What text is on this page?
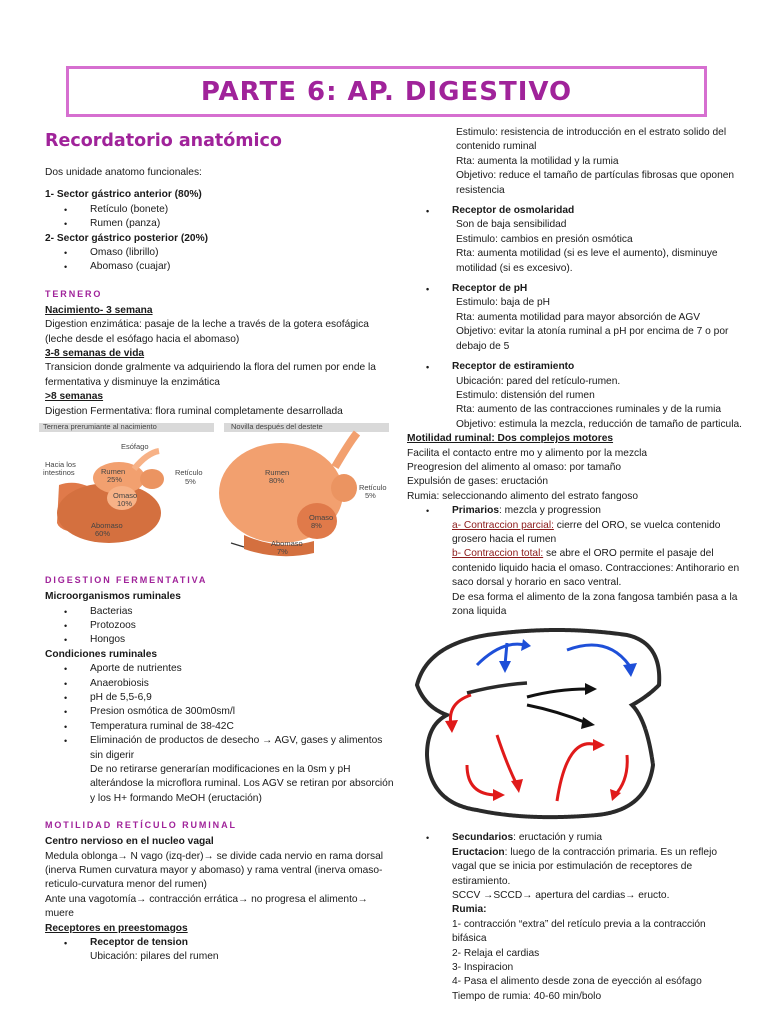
PARTE 6: AP. DIGESTIVO
Recordatorio anatómico

Dos unidade anatomo funcionales:

1- Sector gástrico anterior (80%)

• Retículo (bonete)
• Rumen (panza)

2- Sector gástrico posterior (20%)

• Omaso (librillo)
• Abomaso (cuajar)
TERNERO

Nacimiento- 3 semana

Digestion enzimática: pasaje de la leche a través de la gotera esofágica (leche desde el esófago hacia el abomaso)

3-8 semanas de vida

Transicion donde gralmente va adquiriendo la flora del rumen por ende la fermentativa y disminuye la enzimática

>8 semanas

Digestion Fermentativa: flora ruminal completamente desarrollada

Ternera prerumiante al nacimiento	Novilla después del destete
Esófago
Hacia los
intestinos	Rumen
25%
Omaso
10%
Retículo
5%
Abomaso
60%
Rumen
80%
Retículo
5%
Omaso
8%
Abomaso
7%
DIGESTION FERMENTATIVA

Microorganismos ruminales

• Bacterias
• Protozoos
• Hongos

Condiciones ruminales

• Aporte de nutrientes
• Anaerobiosis
• pH de 5,5-6,9
• Presion osmótica de 300m0sm/l
• Temperatura ruminal de 38-42C
• Eliminación de productos de desecho → AGV, gases y alimentos sin digerir

De no retirarse generarían modificaciones en la 0sm y pH alterándose la microflora ruminal. Los AGV se retiran por absorción y los H+ formando MeOH (eructación)

MOTILIDAD RETÍCULO RUMINAL

Centro nervioso en el nucleo vagal

Medula oblonga→ N vago (izq-der)→ se divide cada nervio en rama dorsal (inerva Rumen curvatura mayor y abomaso) y rama ventral (inerva omaso-reticulo-curvatura menor del rumen)

Ante una vagotomía→ contracción errática→ no progresa el alimento→ muere

Receptores en preestomagos

• Receptor de tension

Ubicación: pilares del rumen

Estimulo: resistencia de introducción en el estrato solido del contenido ruminal

Rta: aumenta la motilidad y la rumia

Objetivo: reduce el tamaño de partículas fibrosas que oponen resistencia

• Receptor de osmolaridad

Son de baja sensibilidad

Estimulo: cambios en presión osmótica

Rta: aumenta motilidad (si es leve el aumento), disminuye motilidad (si es excesivo).

• Receptor de pH

Estimulo: baja de pH

Rta: aumenta motilidad para mayor absorción de AGV

Objetivo: evitar la atonía ruminal a pH por encima de 7 o por debajo de 5

• Receptor de estiramiento

Ubicación: pared del retículo-rumen.

Estimulo: distensión del rumen

Rta: aumento de las contracciones ruminales y de la rumia

Objetivo: estimula la mezcla, reducción de tamaño de particula.

Motilidad ruminal: Dos complejos motores

Facilita el contacto entre mo y alimento por la mezcla

Preogresion del alimento al omaso: por tamaño

Expulsión de gases: eructación

Rumia: seleccionando alimento del estrato fangoso

• Primarios: mezcla y progression

a- Contraccion parcial: cierre del ORO, se vuelca contenido grosero hacia el rumen

b- Contraccion total: se abre el ORO permite el pasaje del contenido liquido hacia el omaso. Contracciones: Antihorario en saco dorsal y horario en saco ventral.

De esa forma el alimento de la zona fangosa también pasa a la zona liquida

• Secundarios: eructación y rumia

Eructacion: luego de la contracción primaria. Es un reflejo vagal que se inicia por estimulación de receptores de estiramiento.

SCCV →SCCD→ apertura del cardias→ eructo.

Rumia:

1- contracción “extra” del retículo previa a la contracción bifásica

2- Relaja el cardias

3- Inspiracion

4- Pasa el alimento desde zona de eyección al esófago

Tiempo de rumia: 40-60 min/bolo
